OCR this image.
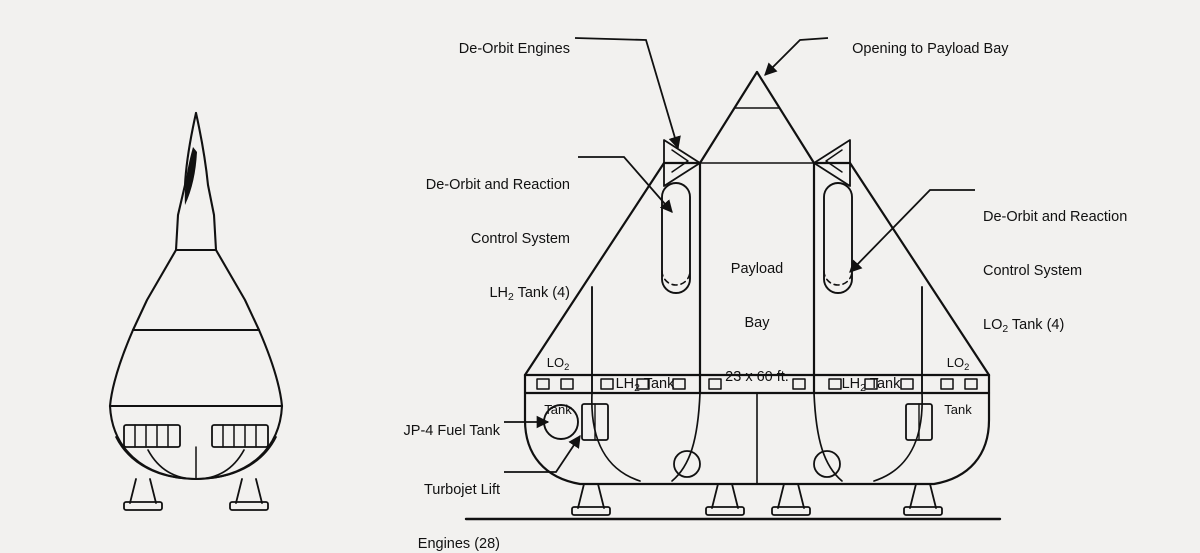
De-Orbit Engines
	Opening to Payload Bay

De-Orbit and Reaction

Control System

$LH_2$ Tank (4)

De-Orbit and Reaction

Control System

$LO_2$ Tank (4)

JP-4 Fuel Tank

Turbojet Lift

Engines (28)

Payload

Bay

23 x 60 ft.

$LO_2$

Tank

$LH_2$ Tank

	$LH_2$ Tank

$LO_2$

Tank
